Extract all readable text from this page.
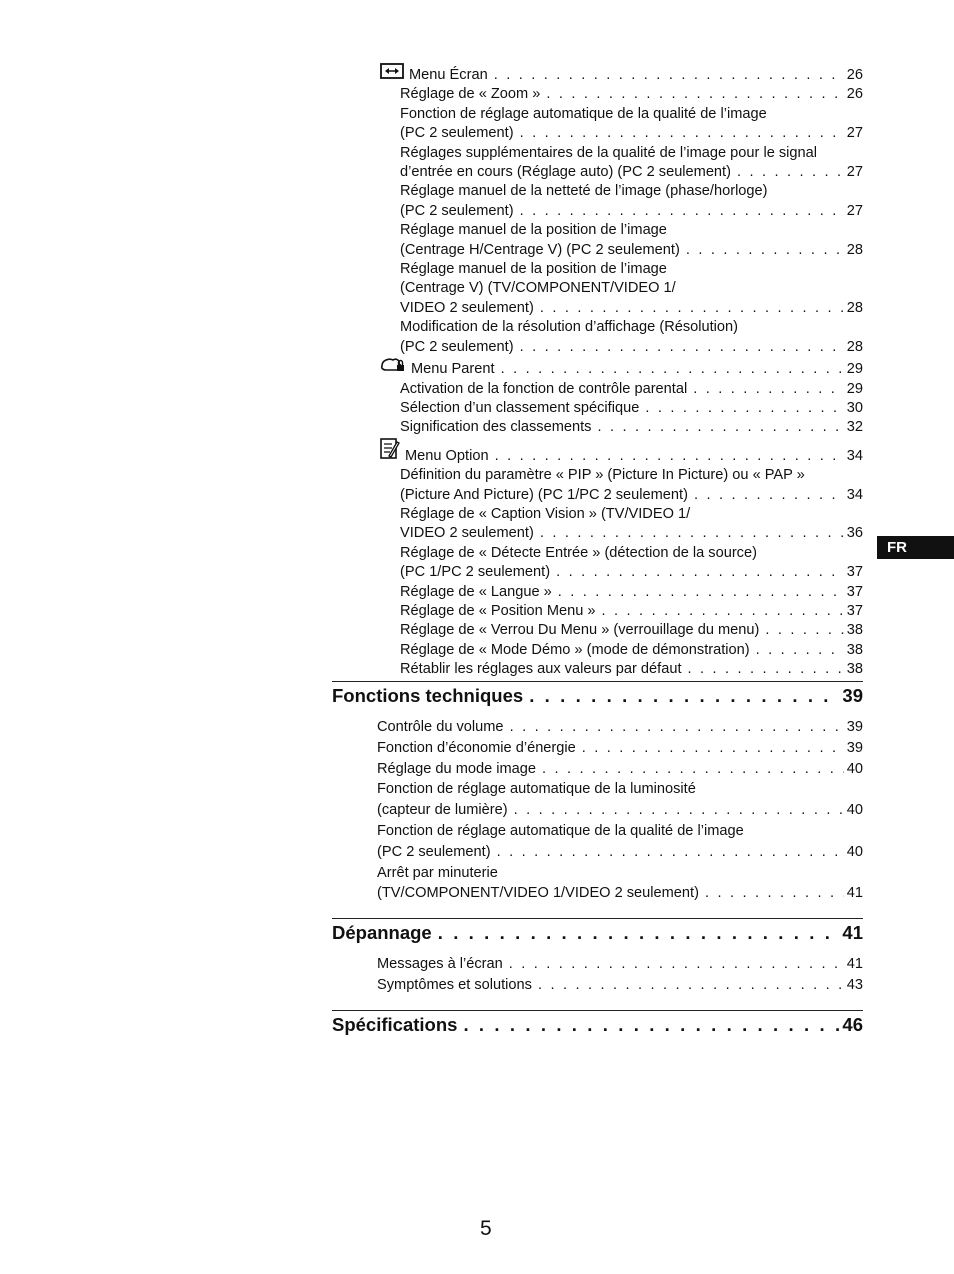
Menu Écran . . .	26
Réglage de « Zoom » . . .	26
Fonction de réglage automatique de la qualité de l’image
(PC 2 seulement) . . .	27
Réglages supplémentaires de la qualité de l’image pour le signal
d’entrée en cours (Réglage auto) (PC 2 seulement) . . .	27
Réglage manuel de la netteté de l’image (phase/horloge)
(PC 2 seulement) . . .	27
Réglage manuel de la position de l’image
(Centrage H/Centrage V) (PC 2 seulement) . . .	28
Réglage manuel de la position de l’image
(Centrage V) (TV/COMPONENT/VIDEO 1/
VIDEO 2 seulement) . . .	28
Modification de la résolution d’affichage (Résolution)
(PC 2 seulement) . . .	28
Menu Parent . . .	29
Activation de la fonction de contrôle parental . . .	29
Sélection d’un classement spécifique . . .	30
Signification des classements . . .	32
Menu Option . . .	34
Définition du paramètre « PIP » (Picture In Picture) ou « PAP »
(Picture And Picture) (PC 1/PC 2 seulement) . . .	34
Réglage de « Caption Vision » (TV/VIDEO 1/
VIDEO 2 seulement) . . .	36
Réglage de « Détecte Entrée » (détection de la source)
(PC 1/PC 2 seulement) . . .	37
Réglage de « Langue » . . .	37
Réglage de « Position Menu » . . .	37
Réglage de « Verrou Du Menu » (verrouillage du menu) . . .	38
Réglage de « Mode Démo » (mode de démonstration) . . .	38
Rétablir les réglages aux valeurs par défaut . . .	38
Fonctions techniques . . .	39
Contrôle du volume . . .	39
Fonction d’économie d’énergie . . .	39
Réglage du mode image . . .	40
Fonction de réglage automatique de la luminosité
(capteur de lumière) . . .	40
Fonction de réglage automatique de la qualité de l’image
(PC 2 seulement) . . .	40
Arrêt par minuterie
(TV/COMPONENT/VIDEO 1/VIDEO 2 seulement) . . .	41
Dépannage . . .	41
Messages à l’écran . . .	41
Symptômes et solutions . . .	43
Spécifications . . .	46
FR
5
